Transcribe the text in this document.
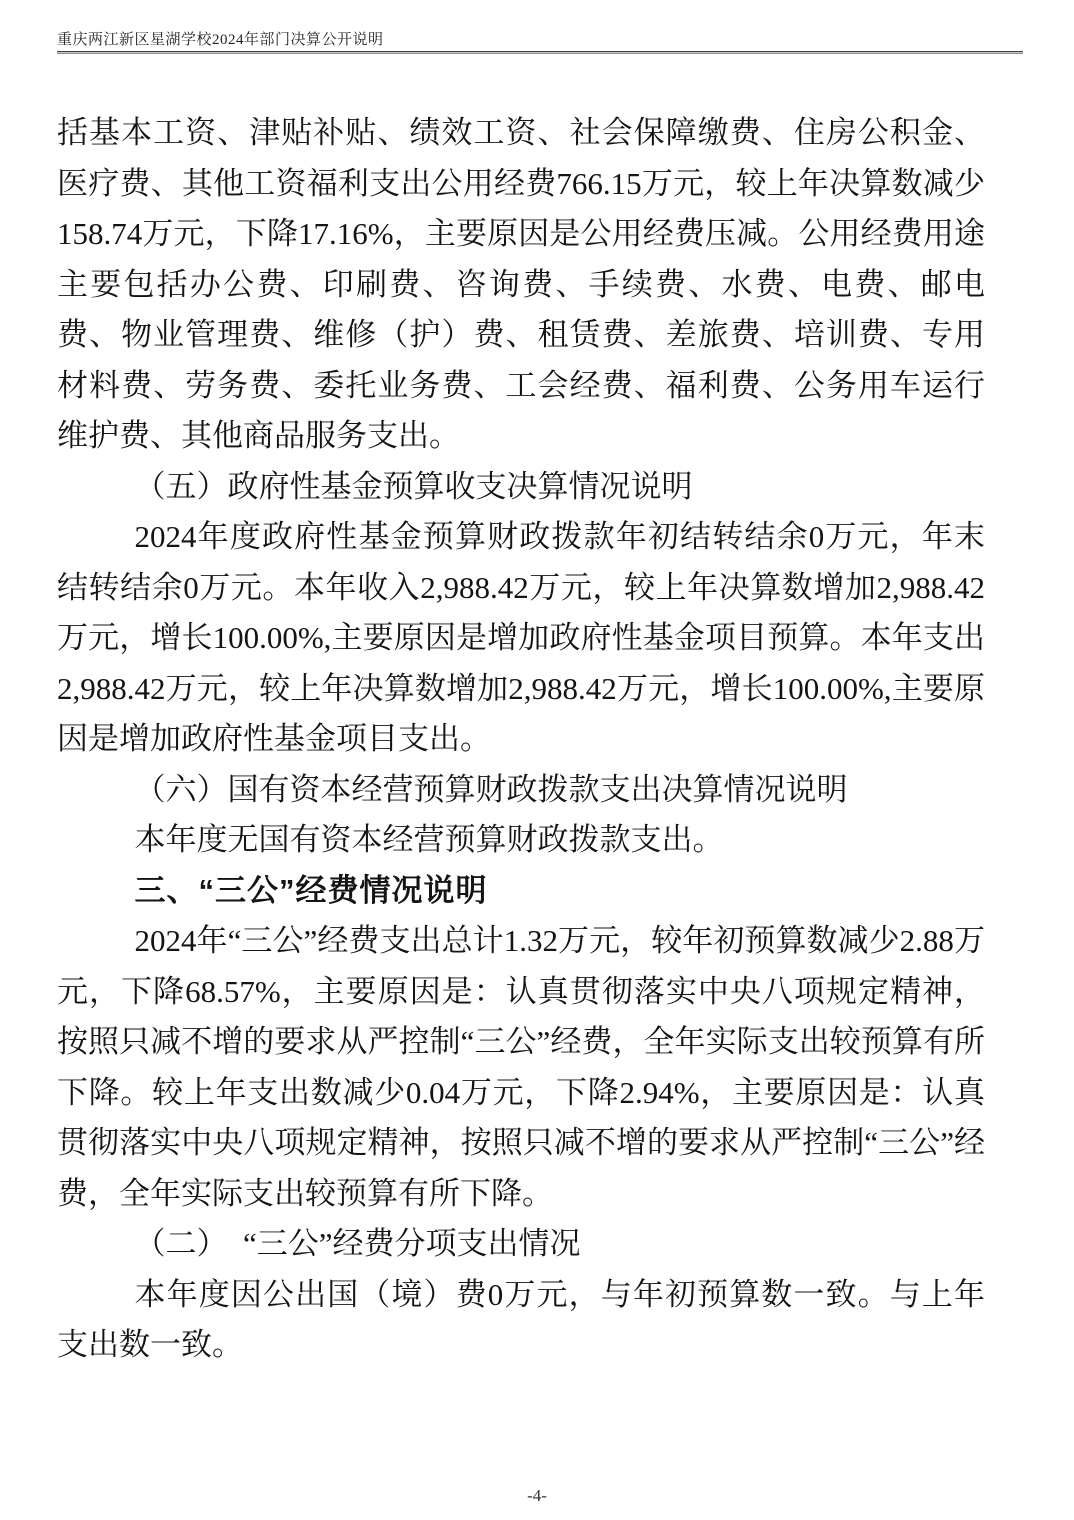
重庆两江新区星湖学校2024年部门决算公开说明

括基本工资、津贴补贴、绩效工资、社会保障缴费、住房公积金、医疗费、其他工资福利支出公用经费766.15万元，较上年决算数减少158.74万元，下降17.16%，主要原因是公用经费压减。公用经费用途主要包括办公费、印刷费、咨询费、手续费、水费、电费、邮电费、物业管理费、维修（护）费、租赁费、差旅费、培训费、专用材料费、劳务费、委托业务费、工会经费、福利费、公务用车运行维护费、其他商品服务支出。

（五）政府性基金预算收支决算情况说明

2024年度政府性基金预算财政拨款年初结转结余0万元，年末结转结余0万元。本年收入2,988.42万元，较上年决算数增加2,988.42万元，增长100.00%,主要原因是增加政府性基金项目预算。本年支出2,988.42万元，较上年决算数增加2,988.42万元，增长100.00%,主要原因是增加政府性基金项目支出。

（六）国有资本经营预算财政拨款支出决算情况说明

本年度无国有资本经营预算财政拨款支出。

三、“三公”经费情况说明

2024年“三公”经费支出总计1.32万元，较年初预算数减少2.88万元，下降68.57%，主要原因是：认真贯彻落实中央八项规定精神，按照只减不增的要求从严控制“三公”经费，全年实际支出较预算有所下降。较上年支出数减少0.04万元，下降2.94%，主要原因是：认真贯彻落实中央八项规定精神，按照只减不增的要求从严控制“三公”经费，全年实际支出较预算有所下降。

（二）　“三公”经费分项支出情况

本年度因公出国（境）费0万元，与年初预算数一致。与上年支出数一致。

-4-
